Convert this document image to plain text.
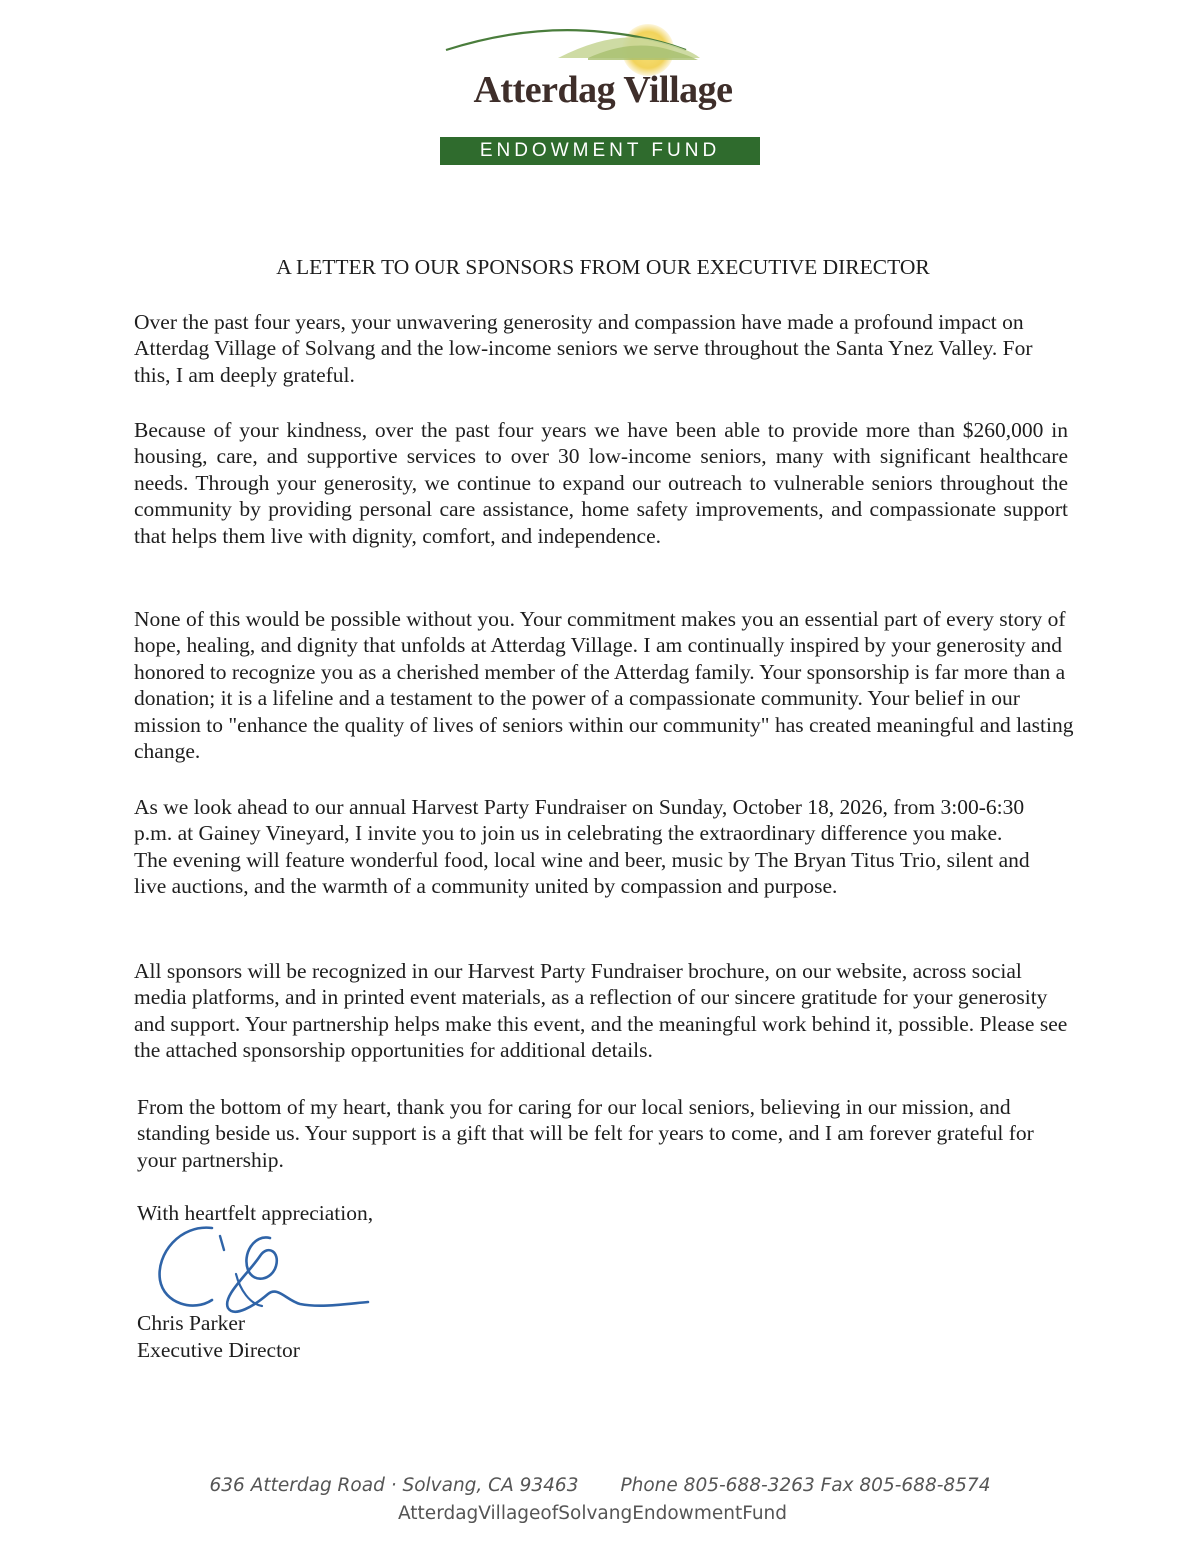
Atterdag Village
ENDOWMENT FUND
A LETTER TO OUR SPONSORS FROM OUR EXECUTIVE DIRECTOR

Over the past four years, your unwavering generosity and compassion have made a profound impact on Atterdag Village of Solvang and the low-income seniors we serve throughout the Santa Ynez Valley. For this, I am deeply grateful.

Because of your kindness, over the past four years we have been able to provide more than $260,000 in housing, care, and supportive services to over 30 low-income seniors, many with significant healthcare needs. Through your generosity, we continue to expand our outreach to vulnerable seniors throughout the community by providing personal care assistance, home safety improvements, and compassionate support that helps them live with dignity, comfort, and independence.

None of this would be possible without you. Your commitment makes you an essential part of every story of hope, healing, and dignity that unfolds at Atterdag Village. I am continually inspired by your generosity and honored to recognize you as a cherished member of the Atterdag family. Your sponsorship is far more than a donation; it is a lifeline and a testament to the power of a compassionate community. Your belief in our mission to "enhance the quality of lives of seniors within our community" has created meaningful and lasting change.

As we look ahead to our annual Harvest Party Fundraiser on Sunday, October 18, 2026, from 3:00-6:30 p.m. at Gainey Vineyard, I invite you to join us in celebrating the extraordinary difference you make. The evening will feature wonderful food, local wine and beer, music by The Bryan Titus Trio, silent and live auctions, and the warmth of a community united by compassion and purpose.

All sponsors will be recognized in our Harvest Party Fundraiser brochure, on our website, across social media platforms, and in printed event materials, as a reflection of our sincere gratitude for your generosity and support. Your partnership helps make this event, and the meaningful work behind it, possible. Please see the attached sponsorship opportunities for additional details.

From the bottom of my heart, thank you for caring for our local seniors, believing in our mission, and standing beside us. Your support is a gift that will be felt for years to come, and I am forever grateful for your partnership.

With heartfelt appreciation,
Chris Parker
Executive Director
636 Atterdag Road · Solvang, CA 93463 Phone 805-688-3263 Fax 805-688-8574
AtterdagVillageofSolvangEndowmentFund
